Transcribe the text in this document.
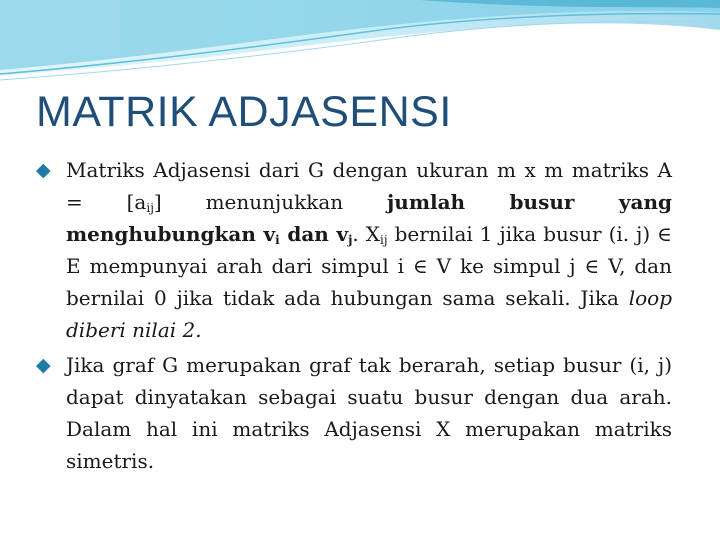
MATRIK ADJASENSI

◆ Matriks Adjasensi dari G dengan ukuran m x m matriks $A = [a_{ij}]$ menunjukkan jumlah busur yang menghubungkan $v_i$ dan $v_j$. $X_{ij}$ bernilai 1 jika busur (i. j) ∈ E mempunyai arah dari simpul i ∈ V ke simpul j ∈ V, dan bernilai 0 jika tidak ada hubungan sama sekali. Jika loop diberi nilai 2.

◆ Jika graf G merupakan graf tak berarah, setiap busur (i, j) dapat dinyatakan sebagai suatu busur dengan dua arah. Dalam hal ini matriks Adjasensi X merupakan matriks simetris.
